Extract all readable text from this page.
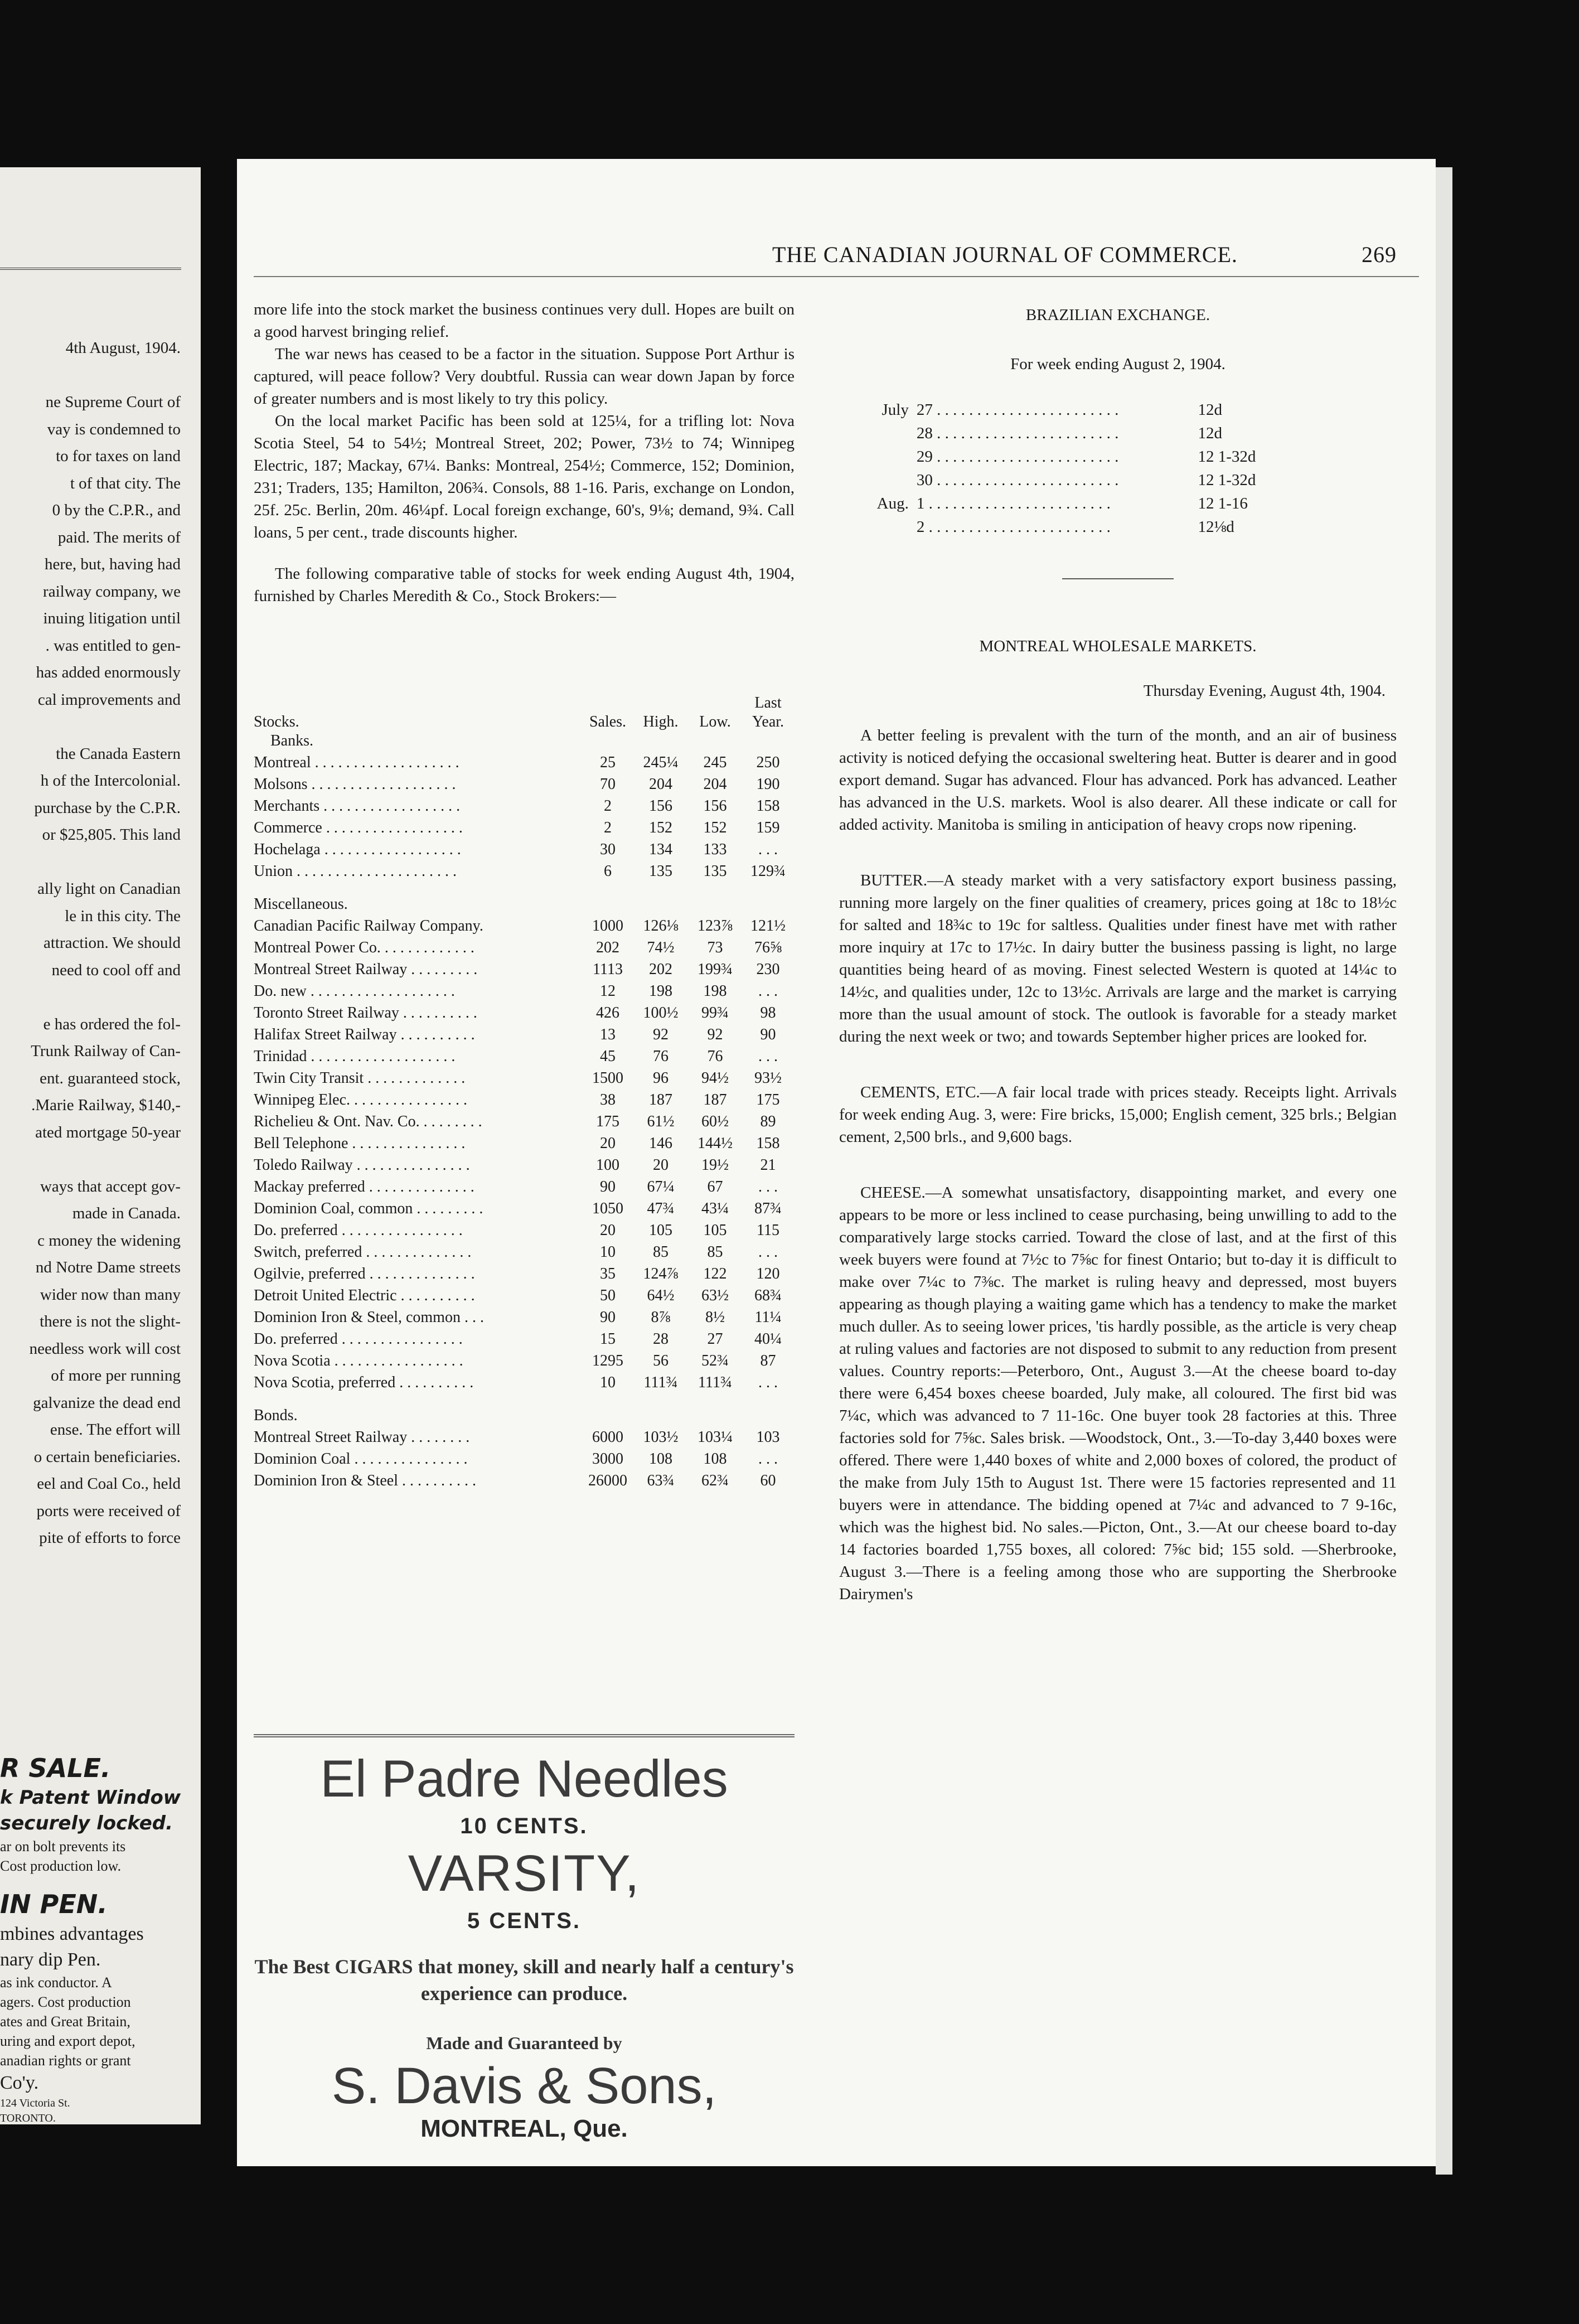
4th August, 1904.

ne Supreme Court of
vay is condemned to
to for taxes on land
t of that city. The
0 by the C.P.R., and
paid. The merits of
here, but, having had
railway company, we
inuing litigation until
. was entitled to gen-
has added enormously
cal improvements and

the Canada Eastern
h of the Intercolonial.
purchase by the C.P.R.
or $25,805. This land

ally light on Canadian
le in this city. The
attraction. We should
need to cool off and

e has ordered the fol-
Trunk Railway of Can-
ent. guaranteed stock,
.Marie Railway, $140,-
ated mortgage 50-year

ways that accept gov-
made in Canada.
c money the widening
nd Notre Dame streets
wider now than many
there is not the slight-
needless work will cost
of more per running
galvanize the dead end
ense. The effort will
o certain beneficiaries.
eel and Coal Co., held
ports were received of
pite of efforts to force
R SALE.
k Patent Window
securely locked.
ar on bolt prevents its
Cost production low.
IN PEN.
mbines advantages
nary dip Pen.
as ink conductor. A
agers. Cost production
ates and Great Britain,
uring and export depot,
anadian rights or grant
Co'y.
124 Victoria St.
TORONTO.
THE CANADIAN JOURNAL OF COMMERCE.	269

more life into the stock market the business continues very dull. Hopes are built on a good harvest bringing relief.

The war news has ceased to be a factor in the situation. Suppose Port Arthur is captured, will peace follow? Very doubtful. Russia can wear down Japan by force of greater numbers and is most likely to try this policy.

On the local market Pacific has been sold at 125¼, for a trifling lot: Nova Scotia Steel, 54 to 54½; Montreal Street, 202; Power, 73½ to 74; Winnipeg Electric, 187; Mackay, 67¼. Banks: Montreal, 254½; Commerce, 152; Dominion, 231; Traders, 135; Hamilton, 206¾. Consols, 88 1-16. Paris, exchange on London, 25f. 25c. Berlin, 20m. 46¼pf. Local foreign exchange, 60's, 9⅛; demand, 9¾. Call loans, 5 per cent., trade discounts higher.

The following comparative table of stocks for week ending August 4th, 1904, furnished by Charles Meredith & Co., Stock Brokers:—

				Last
Stocks.	Sales.	High.	Low.	Year.
Banks.				
Montreal . . . . . . . . . . . . . . . . . . .	25	245¼	245	250
Molsons . . . . . . . . . . . . . . . . . . .	70	204	204	190
Merchants . . . . . . . . . . . . . . . . . .	2	156	156	158
Commerce . . . . . . . . . . . . . . . . . .	2	152	152	159
Hochelaga . . . . . . . . . . . . . . . . . .	30	134	133	. . .
Union . . . . . . . . . . . . . . . . . . . . .	6	135	135	129¾
Miscellaneous.				
Canadian Pacific Railway Company.	1000	126⅛	123⅞	121½
Montreal Power Co. . . . . . . . . . . . .	202	74½	73	76⅝
Montreal Street Railway . . . . . . . . .	1113	202	199¾	230
Do. new . . . . . . . . . . . . . . . . . . .	12	198	198	. . .
Toronto Street Railway . . . . . . . . . .	426	100½	99¾	98
Halifax Street Railway . . . . . . . . . .	13	92	92	90
Trinidad . . . . . . . . . . . . . . . . . . .	45	76	76	. . .
Twin City Transit . . . . . . . . . . . . .	1500	96	94½	93½
Winnipeg Elec. . . . . . . . . . . . . . . .	38	187	187	175
Richelieu & Ont. Nav. Co. . . . . . . . .	175	61½	60½	89
Bell Telephone . . . . . . . . . . . . . . .	20	146	144½	158
Toledo Railway . . . . . . . . . . . . . . .	100	20	19½	21
Mackay preferred . . . . . . . . . . . . . .	90	67¼	67	. . .
Dominion Coal, common . . . . . . . . .	1050	47¾	43¼	87¾
Do. preferred . . . . . . . . . . . . . . . .	20	105	105	115
Switch, preferred . . . . . . . . . . . . . .	10	85	85	. . .
Ogilvie, preferred . . . . . . . . . . . . . .	35	124⅞	122	120
Detroit United Electric . . . . . . . . . .	50	64½	63½	68¾
Dominion Iron & Steel, common . . .	90	8⅞	8½	11¼
Do. preferred . . . . . . . . . . . . . . . .	15	28	27	40¼
Nova Scotia . . . . . . . . . . . . . . . . .	1295	56	52¾	87
Nova Scotia, preferred . . . . . . . . . .	10	111¾	111¾	. . .
Bonds.				
Montreal Street Railway . . . . . . . .	6000	103½	103¼	103
Dominion Coal . . . . . . . . . . . . . . .	3000	108	108	. . .
Dominion Iron & Steel . . . . . . . . . .	26000	63¾	62¾	60
El Padre Needles
10 CENTS.
VARSITY,
5 CENTS.
The Best CIGARS that money, skill and nearly half a century's experience can produce.
Made and Guaranteed by
S. Davis & Sons,
MONTREAL, Que.
BRAZILIAN EXCHANGE.
For week ending August 2, 1904.
July	27 . . . . . . . . . . . . . . . . . . . . . . .	12d
	28 . . . . . . . . . . . . . . . . . . . . . . .	12d
	29 . . . . . . . . . . . . . . . . . . . . . . .	12 1-32d
	30 . . . . . . . . . . . . . . . . . . . . . . .	12 1-32d
Aug.	1 . . . . . . . . . . . . . . . . . . . . . . .	12 1-16
	2 . . . . . . . . . . . . . . . . . . . . . . .	12⅛d
MONTREAL WHOLESALE MARKETS.
Thursday Evening, August 4th, 1904.

A better feeling is prevalent with the turn of the month, and an air of business activity is noticed defying the occasional sweltering heat. Butter is dearer and in good export demand. Sugar has advanced. Flour has advanced. Pork has advanced. Leather has advanced in the U.S. markets. Wool is also dearer. All these indicate or call for added activity. Manitoba is smiling in anticipation of heavy crops now ripening.

BUTTER.—A steady market with a very satisfactory export business passing, running more largely on the finer qualities of creamery, prices going at 18c to 18½c for salted and 18¾c to 19c for saltless. Qualities under finest have met with rather more inquiry at 17c to 17½c. In dairy butter the business passing is light, no large quantities being heard of as moving. Finest selected Western is quoted at 14¼c to 14½c, and qualities under, 12c to 13½c. Arrivals are large and the market is carrying more than the usual amount of stock. The outlook is favorable for a steady market during the next week or two; and towards September higher prices are looked for.

CEMENTS, ETC.—A fair local trade with prices steady. Receipts light. Arrivals for week ending Aug. 3, were: Fire bricks, 15,000; English cement, 325 brls.; Belgian cement, 2,500 brls., and 9,600 bags.

CHEESE.—A somewhat unsatisfactory, disappointing market, and every one appears to be more or less inclined to cease purchasing, being unwilling to add to the comparatively large stocks carried. Toward the close of last, and at the first of this week buyers were found at 7½c to 7⅝c for finest Ontario; but to-day it is difficult to make over 7¼c to 7⅜c. The market is ruling heavy and depressed, most buyers appearing as though playing a waiting game which has a tendency to make the market much duller. As to seeing lower prices, 'tis hardly possible, as the article is very cheap at ruling values and factories are not disposed to submit to any reduction from present values. Country reports:—Peterboro, Ont., August 3.—At the cheese board to-day there were 6,454 boxes cheese boarded, July make, all coloured. The first bid was 7¼c, which was advanced to 7 11-16c. One buyer took 28 factories at this. Three factories sold for 7⅝c. Sales brisk. —Woodstock, Ont., 3.—To-day 3,440 boxes were offered. There were 1,440 boxes of white and 2,000 boxes of colored, the product of the make from July 15th to August 1st. There were 15 factories represented and 11 buyers were in attendance. The bidding opened at 7¼c and advanced to 7 9-16c, which was the highest bid. No sales.—Picton, Ont., 3.—At our cheese board to-day 14 factories boarded 1,755 boxes, all colored: 7⅝c bid; 155 sold. —Sherbrooke, August 3.—There is a feeling among those who are supporting the Sherbrooke Dairymen's
